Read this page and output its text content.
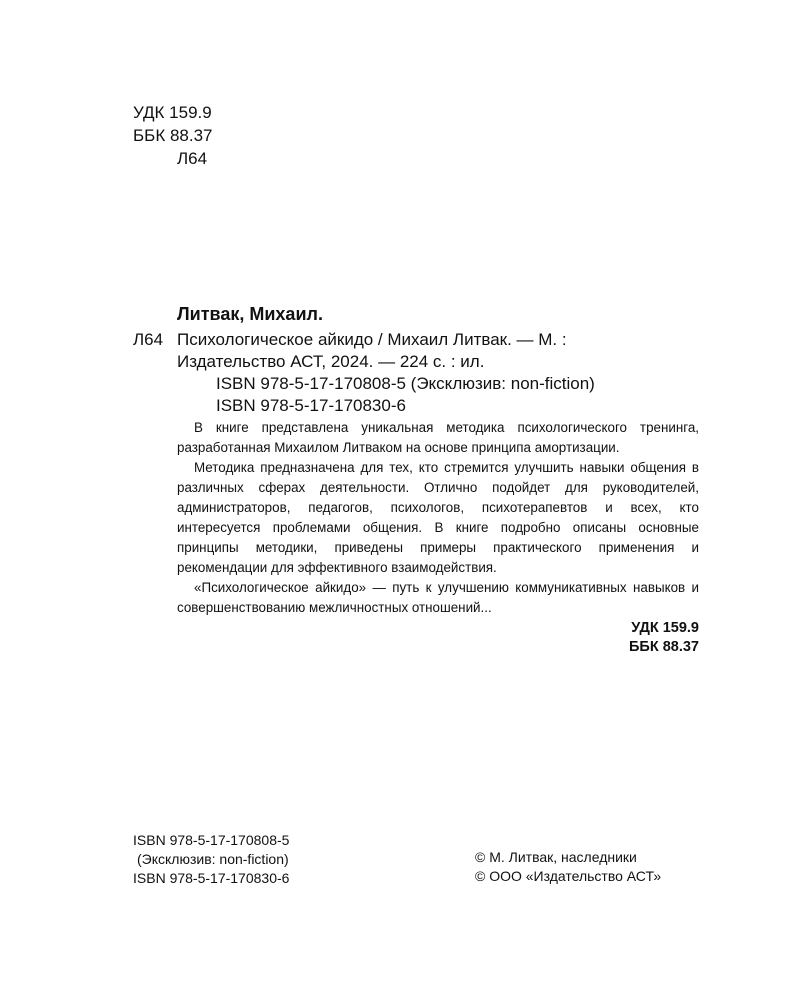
УДК 159.9
ББК 88.37
Л64
Литвак, Михаил.
Л64 Психологическое айкидо / Михаил Литвак. — М. :
Издательство АСТ, 2024. — 224 с. : ил.
ISBN 978-5-17-170808-5 (Эксклюзив: non-fiction)
ISBN 978-5-17-170830-6

В книге представлена уникальная методика психологического тренинга, разработанная Михаилом Литваком на основе принципа амортизации.

Методика предназначена для тех, кто стремится улучшить навыки общения в различных сферах деятельности. Отлично подойдет для руководителей, администраторов, педагогов, психологов, психотерапевтов и всех, кто интересуется проблемами общения. В книге подробно описаны основные принципы методики, приведены примеры практического применения и рекомендации для эффективного взаимодействия.

«Психологическое айкидо» — путь к улучшению коммуникативных навыков и совершенствованию межличностных отношений...

УДК 159.9
ББК 88.37
ISBN 978-5-17-170808-5
(Эксклюзив: non-fiction)
ISBN 978-5-17-170830-6
© М. Литвак, наследники
© ООО «Издательство АСТ»
